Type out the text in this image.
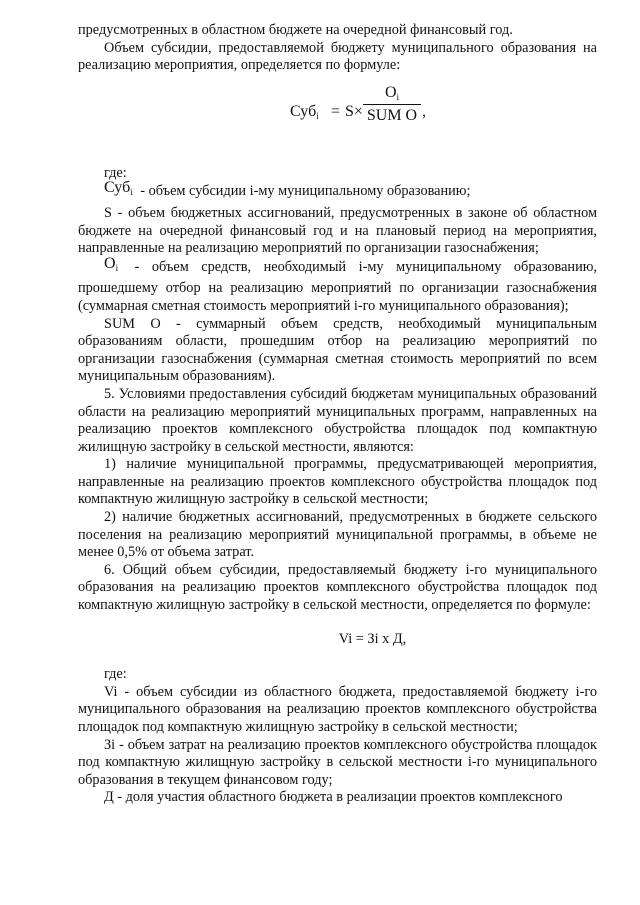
предусмотренных в областном бюджете на очередной финансовый год.

Объем субсидии, предоставляемой бюджету муниципального образования на реализацию мероприятия, определяется по формуле:

Суб$_i$ = S×
$О_i$
SUM О ,

где:

Суб$_i$ - объем субсидии i-му муниципальному образованию;

S - объем бюджетных ассигнований, предусмотренных в законе об областном бюджете на очередной финансовый год и на плановый период на мероприятия, направленные на реализацию мероприятий по организации газоснабжения;

$О_i$ - объем средств, необходимый i-му муниципальному образованию, прошедшему отбор на реализацию мероприятий по организации газоснабжения (суммарная сметная стоимость мероприятий i-го муниципального образования);

SUM О - суммарный объем средств, необходимый муниципальным образованиям области, прошедшим отбор на реализацию мероприятий по организации газоснабжения (суммарная сметная стоимость мероприятий по всем муниципальным образованиям).

5. Условиями предоставления субсидий бюджетам муниципальных образований области на реализацию мероприятий муниципальных программ, направленных на реализацию проектов комплексного обустройства площадок под компактную жилищную застройку в сельской местности, являются:

1) наличие муниципальной программы, предусматривающей мероприятия, направленные на реализацию проектов комплексного обустройства площадок под компактную жилищную застройку в сельской местности;

2) наличие бюджетных ассигнований, предусмотренных в бюджете сельского поселения на реализацию мероприятий муниципальной программы, в объеме не менее 0,5% от объема затрат.

6. Общий объем субсидии, предоставляемый бюджету i-го муниципального образования на реализацию проектов комплексного обустройства площадок под компактную жилищную застройку в сельской местности, определяется по формуле:

Vi = Зi x Д,

где:

Vi - объем субсидии из областного бюджета, предоставляемой бюджету i-го муниципального образования на реализацию проектов комплексного обустройства площадок под компактную жилищную застройку в сельской местности;

Зi - объем затрат на реализацию проектов комплексного обустройства площадок под компактную жилищную застройку в сельской местности i-го муниципального образования в текущем финансовом году;

Д - доля участия областного бюджета в реализации проектов комплексного
